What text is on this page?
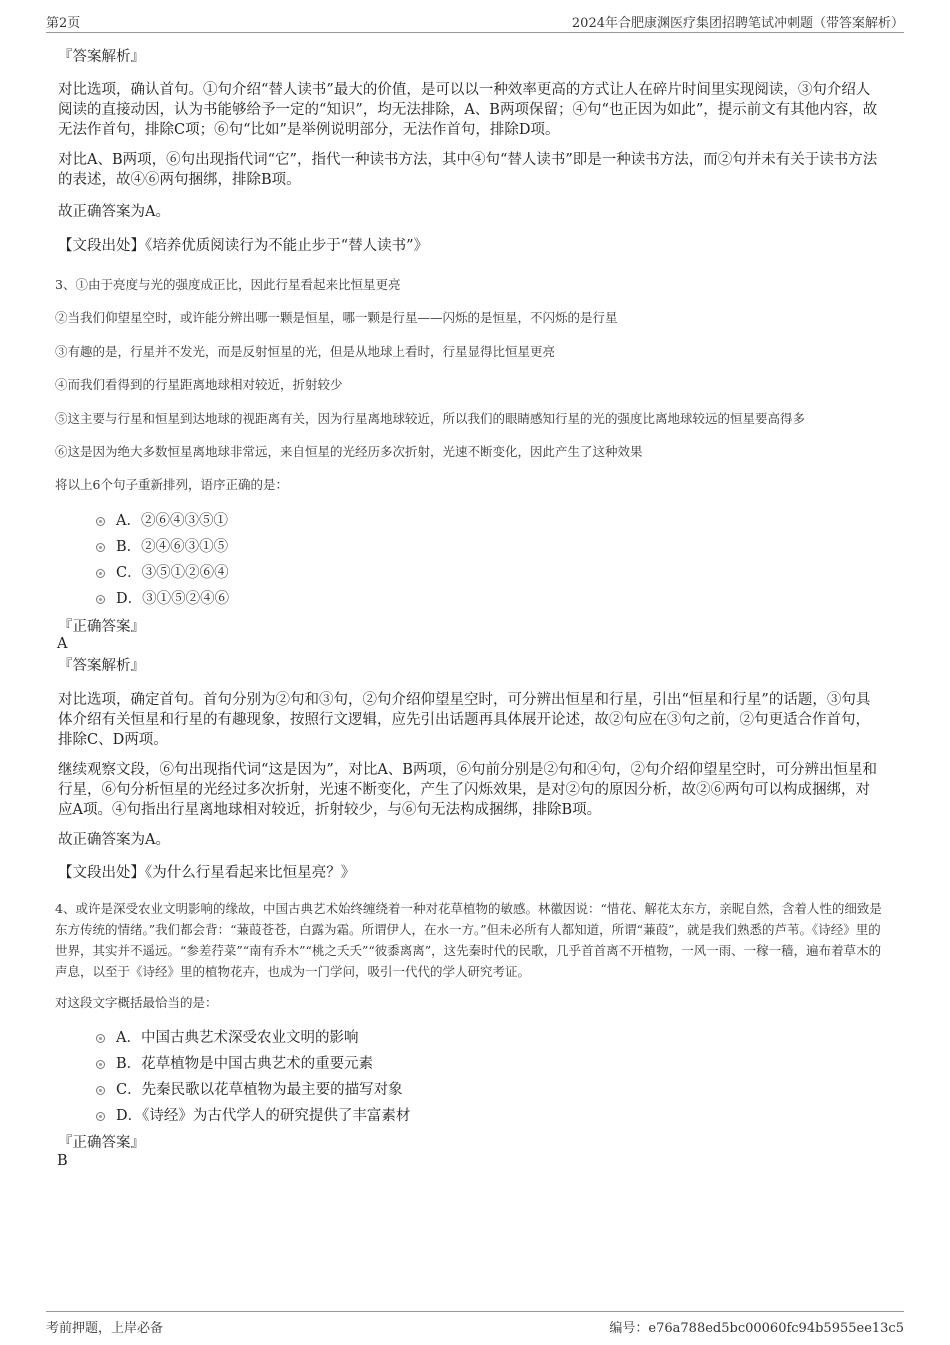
第2页	2024年合肥康渊医疗集团招聘笔试冲刺题（带答案解析）
『答案解析』
对比选项，确认首句。①句介绍“替人读书”最大的价值，是可以以一种效率更高的方式让人在碎片时间里实现阅读，③句介绍人阅读的直接动因，认为书能够给予一定的“知识”，均无法排除，A、B两项保留；④句“也正因为如此”，提示前文有其他内容，故无法作首句，排除C项；⑥句“比如”是举例说明部分，无法作首句，排除D项。
对比A、B两项，⑥句出现指代词“它”，指代一种读书方法，其中④句“替人读书”即是一种读书方法，而②句并未有关于读书方法的表述，故④⑥两句捆绑，排除B项。
故正确答案为A。
【文段出处】《培养优质阅读行为不能止步于“替人读书”》
3、①由于亮度与光的强度成正比，因此行星看起来比恒星更亮
②当我们仰望星空时，或许能分辨出哪一颗是恒星，哪一颗是行星——闪烁的是恒星，不闪烁的是行星
③有趣的是，行星并不发光，而是反射恒星的光，但是从地球上看时，行星显得比恒星更亮
④而我们看得到的行星距离地球相对较近，折射较少
⑤这主要与行星和恒星到达地球的视距离有关，因为行星离地球较近，所以我们的眼睛感知行星的光的强度比离地球较远的恒星要高得多
⑥这是因为绝大多数恒星离地球非常远，来自恒星的光经历多次折射，光速不断变化，因此产生了这种效果
将以上6个句子重新排列，语序正确的是：
A．②⑥④③⑤①
B．②④⑥③①⑤
C．③⑤①②⑥④
D．③①⑤②④⑥
『正确答案』
A
『答案解析』
对比选项，确定首句。首句分别为②句和③句，②句介绍仰望星空时，可分辨出恒星和行星，引出“恒星和行星”的话题，③句具体介绍有关恒星和行星的有趣现象，按照行文逻辑，应先引出话题再具体展开论述，故②句应在③句之前，②句更适合作首句，排除C、D两项。
继续观察文段，⑥句出现指代词“这是因为”，对比A、B两项，⑥句前分别是②句和④句，②句介绍仰望星空时，可分辨出恒星和行星，⑥句分析恒星的光经过多次折射，光速不断变化，产生了闪烁效果，是对②句的原因分析，故②⑥两句可以构成捆绑，对应A项。④句指出行星离地球相对较近，折射较少，与⑥句无法构成捆绑，排除B项。
故正确答案为A。
【文段出处】《为什么行星看起来比恒星亮？》
4、或许是深受农业文明影响的缘故，中国古典艺术始终缠绕着一种对花草植物的敏感。林徽因说：“惜花、解花太东方，亲昵自然，含着人性的细致是东方传统的情绪。”我们都会背：“蒹葭苍苍，白露为霜。所谓伊人，在水一方。”但未必所有人都知道，所谓“蒹葭”，就是我们熟悉的芦苇。《诗经》里的世界，其实并不遥远。“参差荇菜”“南有乔木”“桃之夭夭”“彼黍离离”，这先秦时代的民歌，几乎首首离不开植物，一风一雨、一稼一穑，遍布着草木的声息，以至于《诗经》里的植物花卉，也成为一门学问，吸引一代代的学人研究考证。
对这段文字概括最恰当的是：
A．中国古典艺术深受农业文明的影响
B．花草植物是中国古典艺术的重要元素
C．先秦民歌以花草植物为最主要的描写对象
D．《诗经》为古代学人的研究提供了丰富素材
『正确答案』
B
考前押题，上岸必备	编号：e76a788ed5bc00060fc94b5955ee13c5
